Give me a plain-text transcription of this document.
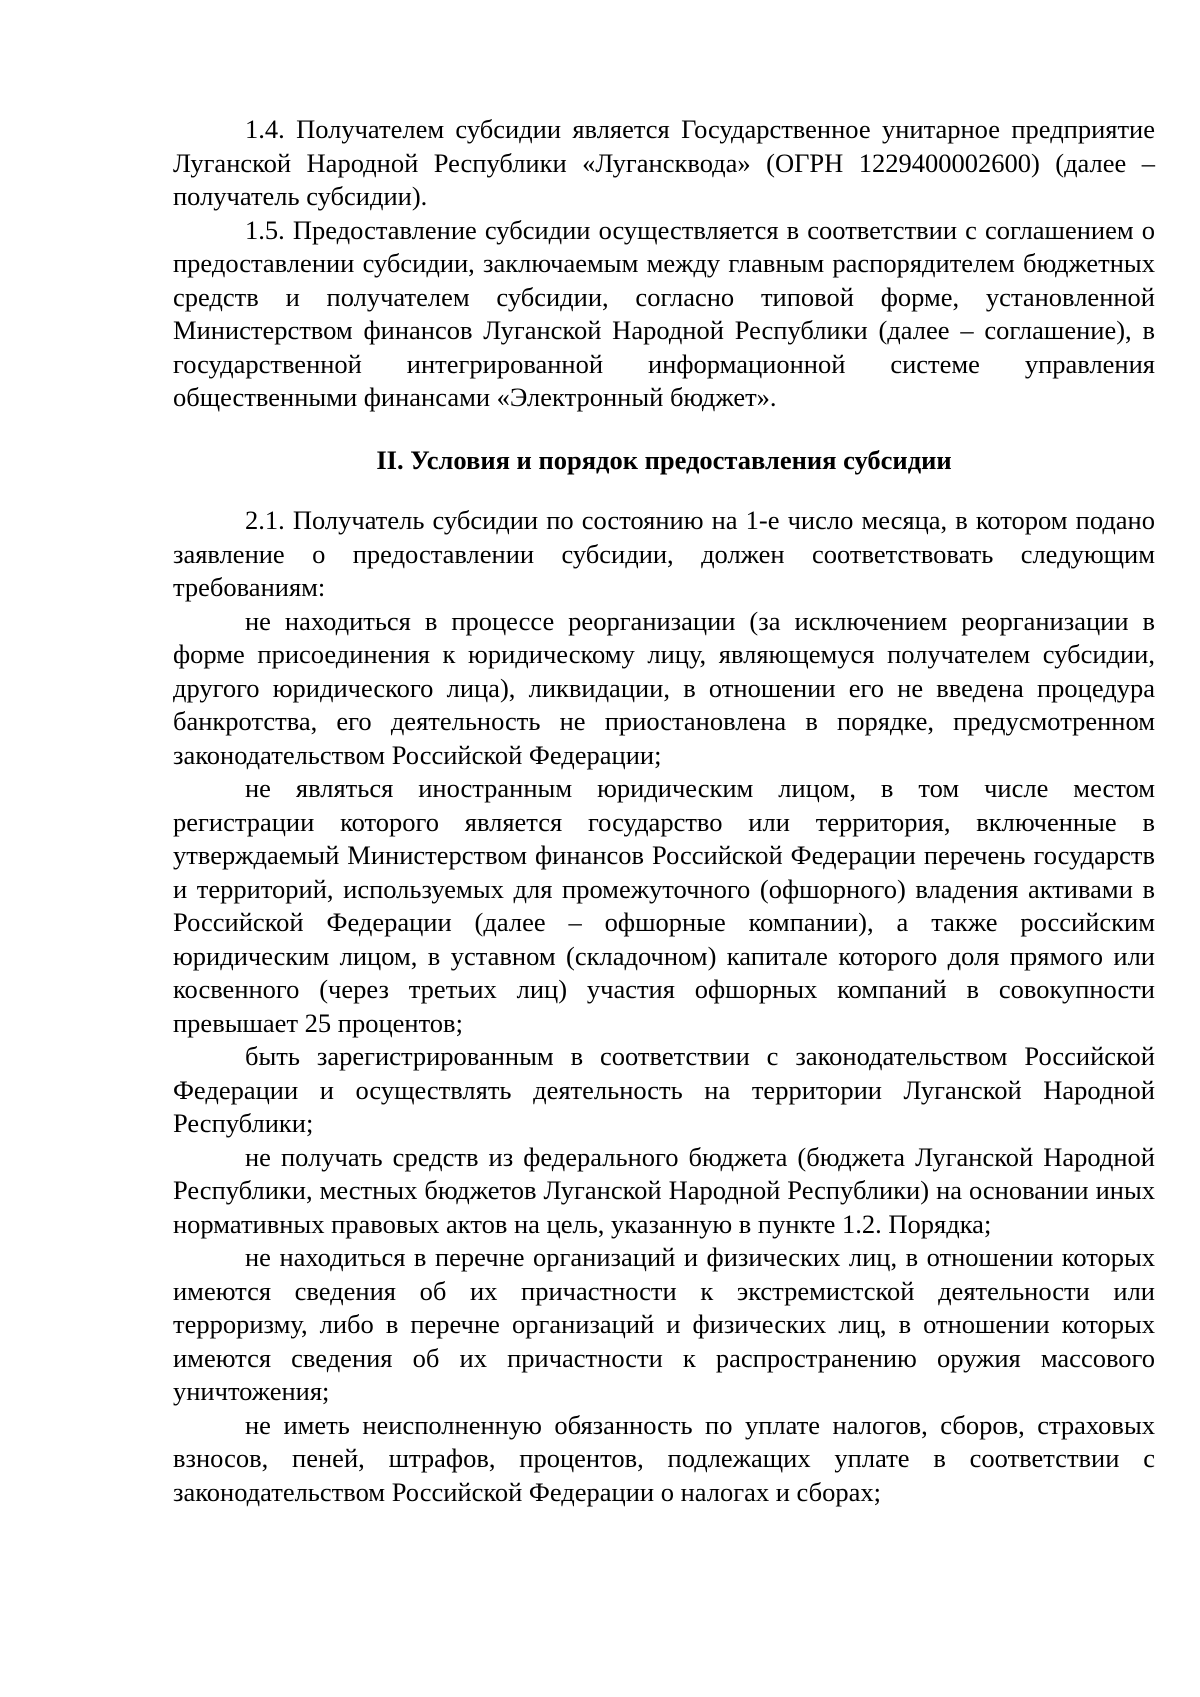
1.4. Получателем субсидии является Государственное унитарное предприятие Луганской Народной Республики «Лугансквода» (ОГРН 1229400002600) (далее – получатель субсидии).

1.5. Предоставление субсидии осуществляется в соответствии с соглашением о предоставлении субсидии, заключаемым между главным распорядителем бюджетных средств и получателем субсидии, согласно типовой форме, установленной Министерством финансов Луганской Народной Республики (далее – соглашение), в государственной интегрированной информационной системе управления общественными финансами «Электронный бюджет».

II. Условия и порядок предоставления субсидии

2.1. Получатель субсидии по состоянию на 1-е число месяца, в котором подано заявление о предоставлении субсидии, должен соответствовать следующим требованиям:

не находиться в процессе реорганизации (за исключением реорганизации в форме присоединения к юридическому лицу, являющемуся получателем субсидии, другого юридического лица), ликвидации, в отношении его не введена процедура банкротства, его деятельность не приостановлена в порядке, предусмотренном законодательством Российской Федерации;

не являться иностранным юридическим лицом, в том числе местом регистрации которого является государство или территория, включенные в утверждаемый Министерством финансов Российской Федерации перечень государств и территорий, используемых для промежуточного (офшорного) владения активами в Российской Федерации (далее – офшорные компании), а также российским юридическим лицом, в уставном (складочном) капитале которого доля прямого или косвенного (через третьих лиц) участия офшорных компаний в совокупности превышает 25 процентов;

быть зарегистрированным в соответствии с законодательством Российской Федерации и осуществлять деятельность на территории Луганской Народной Республики;

не получать средств из федерального бюджета (бюджета Луганской Народной Республики, местных бюджетов Луганской Народной Республики) на основании иных нормативных правовых актов на цель, указанную в пункте 1.2. Порядка;

не находиться в перечне организаций и физических лиц, в отношении которых имеются сведения об их причастности к экстремистской деятельности или терроризму, либо в перечне организаций и физических лиц, в отношении которых имеются сведения об их причастности к распространению оружия массового уничтожения;

не иметь неисполненную обязанность по уплате налогов, сборов, страховых взносов, пеней, штрафов, процентов, подлежащих уплате в соответствии с законодательством Российской Федерации о налогах и сборах;
